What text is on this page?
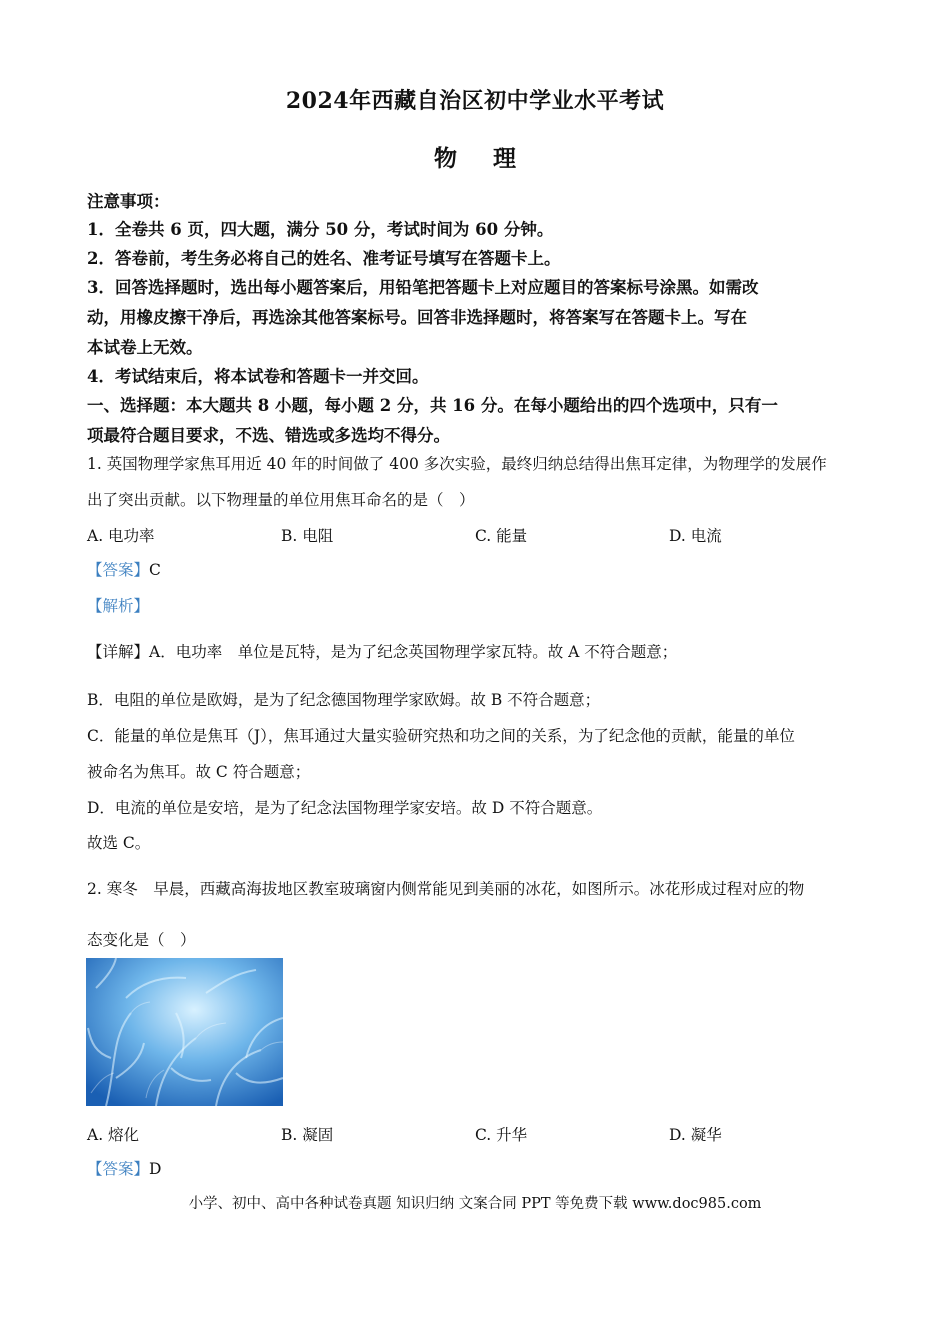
2024年西藏自治区初中学业水平考试
物 理
注意事项：
1．全卷共 6 页，四大题，满分 50 分，考试时间为 60 分钟。
2．答卷前，考生务必将自己的姓名、准考证号填写在答题卡上。
3．回答选择题时，选出每小题答案后，用铅笔把答题卡上对应题目的答案标号涂黑。如需改
动，用橡皮擦干净后，再选涂其他答案标号。回答非选择题时，将答案写在答题卡上。写在
本试卷上无效。
4．考试结束后，将本试卷和答题卡一并交回。
一、选择题：本大题共 8 小题，每小题 2 分，共 16 分。在每小题给出的四个选项中，只有一
项最符合题目要求，不选、错选或多选均不得分。
1. 英国物理学家焦耳用近 40 年的时间做了 400 多次实验，最终归纳总结得出焦耳定律，为物理学的发展作
出了突出贡献。以下物理量的单位用焦耳命名的是（　）
A. 电功率	B. 电阻	C. 能量	D. 电流
【答案】C
【解析】
【详解】A．电功率　单位是瓦特，是为了纪念英国物理学家瓦特。故 A 不符合题意；
B．电阻的单位是欧姆，是为了纪念德国物理学家欧姆。故 B 不符合题意；
C．能量的单位是焦耳（J），焦耳通过大量实验研究热和功之间的关系，为了纪念他的贡献，能量的单位
被命名为焦耳。故 C 符合题意；
D．电流的单位是安培，是为了纪念法国物理学家安培。故 D 不符合题意。
故选 C。
2. 寒冬　早晨，西藏高海拔地区教室玻璃窗内侧常能见到美丽的冰花，如图所示。冰花形成过程对应的物
态变化是（　）
A. 熔化	B. 凝固	C. 升华	D. 凝华
【答案】D
小学、初中、高中各种试卷真题 知识归纳 文案合同 PPT 等免费下载 www.doc985.com
